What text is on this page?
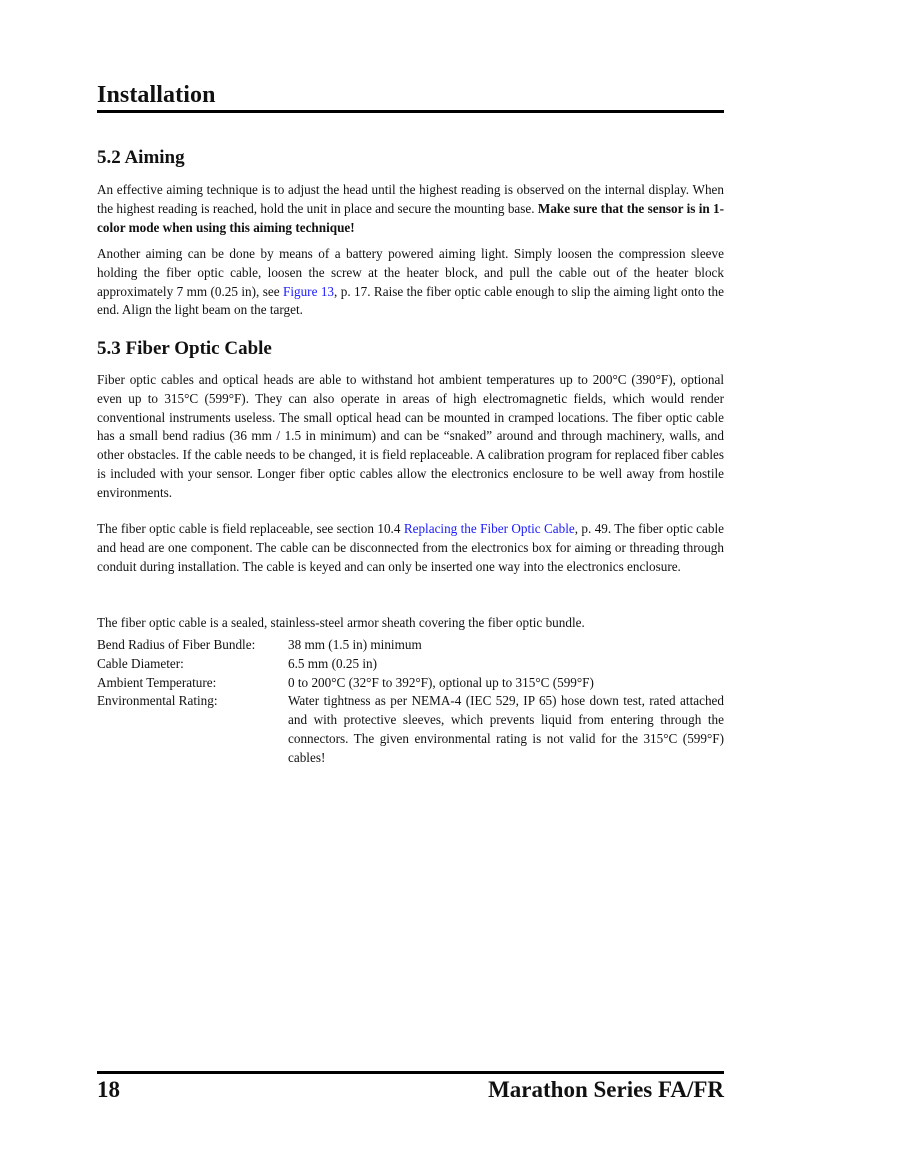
Installation
5.2 Aiming
An effective aiming technique is to adjust the head until the highest reading is observed on the internal display. When the highest reading is reached, hold the unit in place and secure the mounting base. Make sure that the sensor is in 1-color mode when using this aiming technique!
Another aiming can be done by means of a battery powered aiming light. Simply loosen the compression sleeve holding the fiber optic cable, loosen the screw at the heater block, and pull the cable out of the heater block approximately 7 mm (0.25 in), see Figure 13, p. 17. Raise the fiber optic cable enough to slip the aiming light onto the end. Align the light beam on the target.
5.3 Fiber Optic Cable
Fiber optic cables and optical heads are able to withstand hot ambient temperatures up to 200°C (390°F), optional even up to 315°C (599°F). They can also operate in areas of high electromagnetic fields, which would render conventional instruments useless. The small optical head can be mounted in cramped locations. The fiber optic cable has a small bend radius (36 mm / 1.5 in minimum) and can be “snaked” around and through machinery, walls, and other obstacles. If the cable needs to be changed, it is field replaceable. A calibration program for replaced fiber cables is included with your sensor. Longer fiber optic cables allow the electronics enclosure to be well away from hostile environments.
The fiber optic cable is field replaceable, see section 10.4 Replacing the Fiber Optic Cable, p. 49. The fiber optic cable and head are one component. The cable can be disconnected from the electronics box for aiming or threading through conduit during installation. The cable is keyed and can only be inserted one way into the electronics enclosure.
The fiber optic cable is a sealed, stainless-steel armor sheath covering the fiber optic bundle.
Bend Radius of Fiber Bundle:	38 mm (1.5 in) minimum
Cable Diameter:	6.5 mm (0.25 in)
Ambient Temperature:	0 to 200°C (32°F to 392°F), optional up to 315°C (599°F)
Environmental Rating:	Water tightness as per NEMA-4 (IEC 529, IP 65) hose down test, rated attached and with protective sleeves, which prevents liquid from entering through the connectors. The given environmental rating is not valid for the 315°C (599°F) cables!
18	Marathon Series FA/FR
